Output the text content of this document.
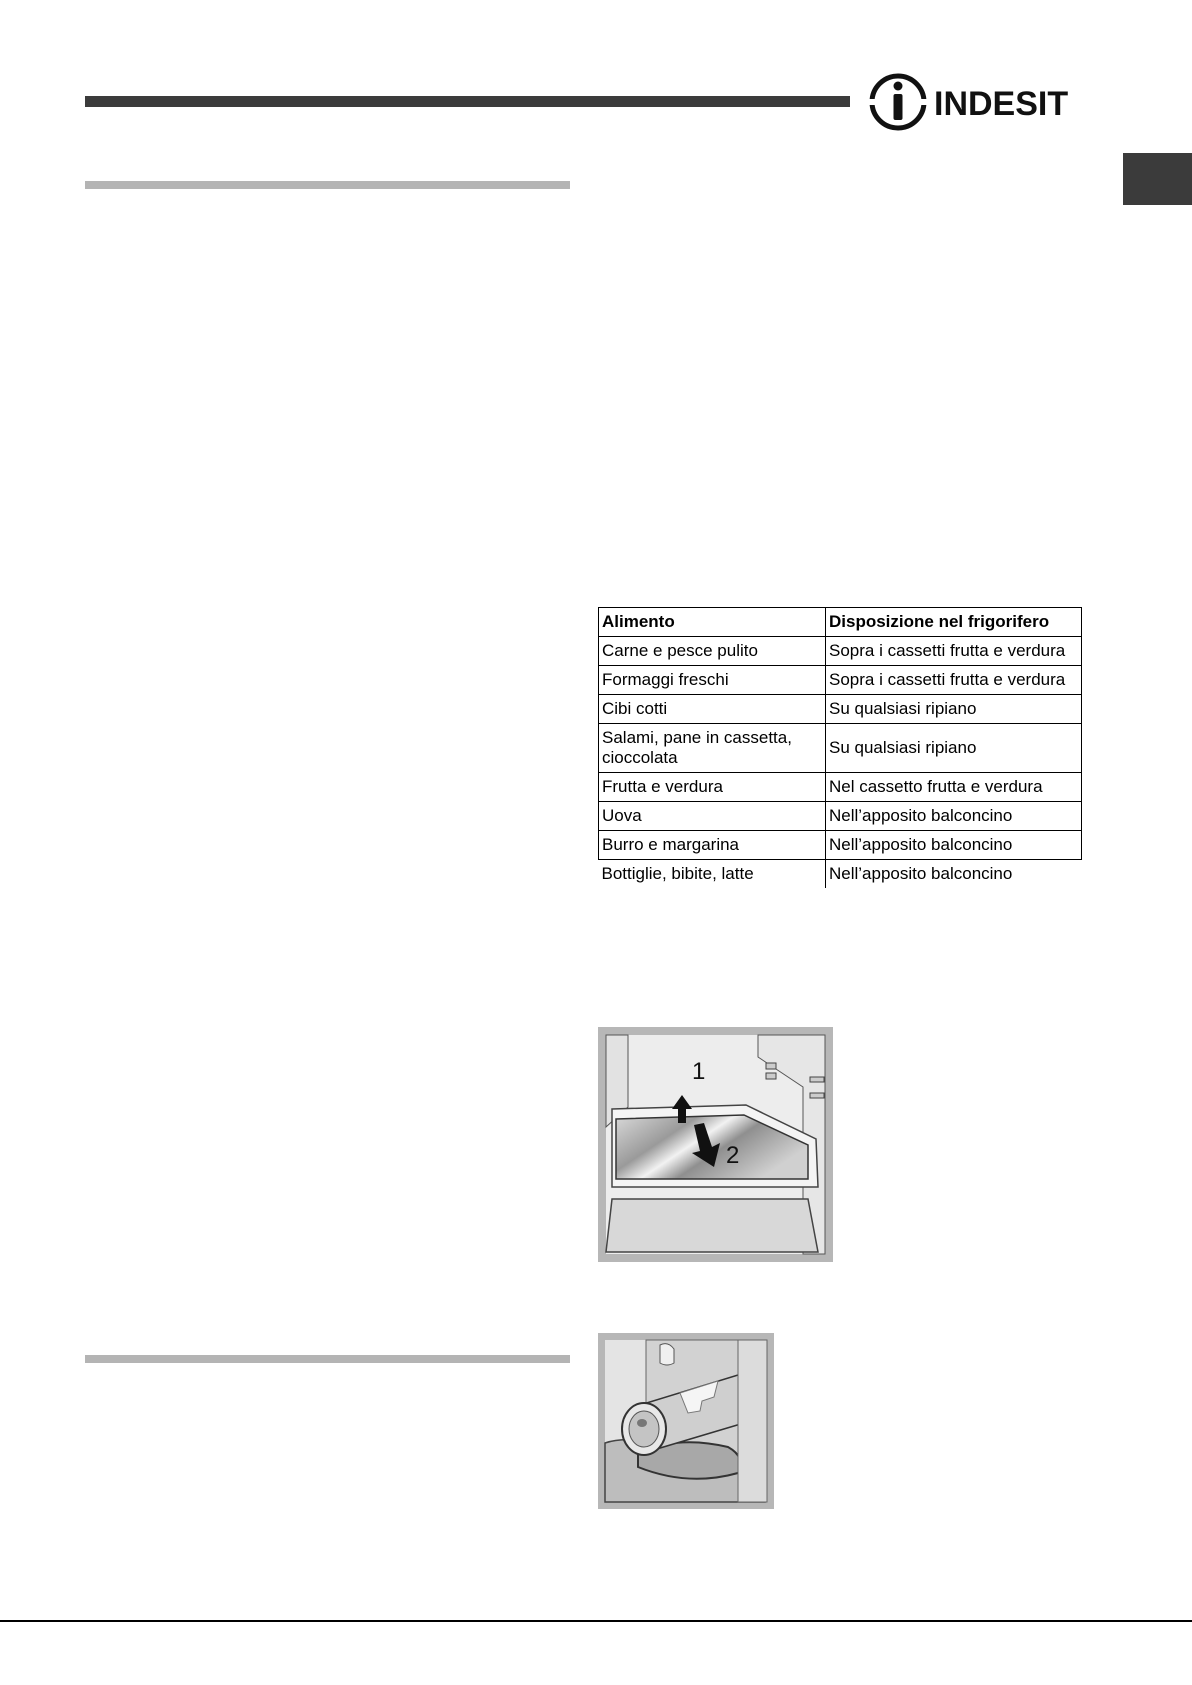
INDESIT
Alimento	Disposizione nel frigorifero
Carne e pesce pulito	Sopra i cassetti frutta e verdura
Formaggi freschi	Sopra i cassetti frutta e verdura
Cibi cotti	Su qualsiasi ripiano
Salami, pane in cassetta, cioccolata	Su qualsiasi ripiano
Frutta e verdura	Nel cassetto frutta e verdura
Uova	Nell’apposito balconcino
Burro e margarina	Nell’apposito balconcino
Bottiglie, bibite, latte	Nell’apposito balconcino
1
2
